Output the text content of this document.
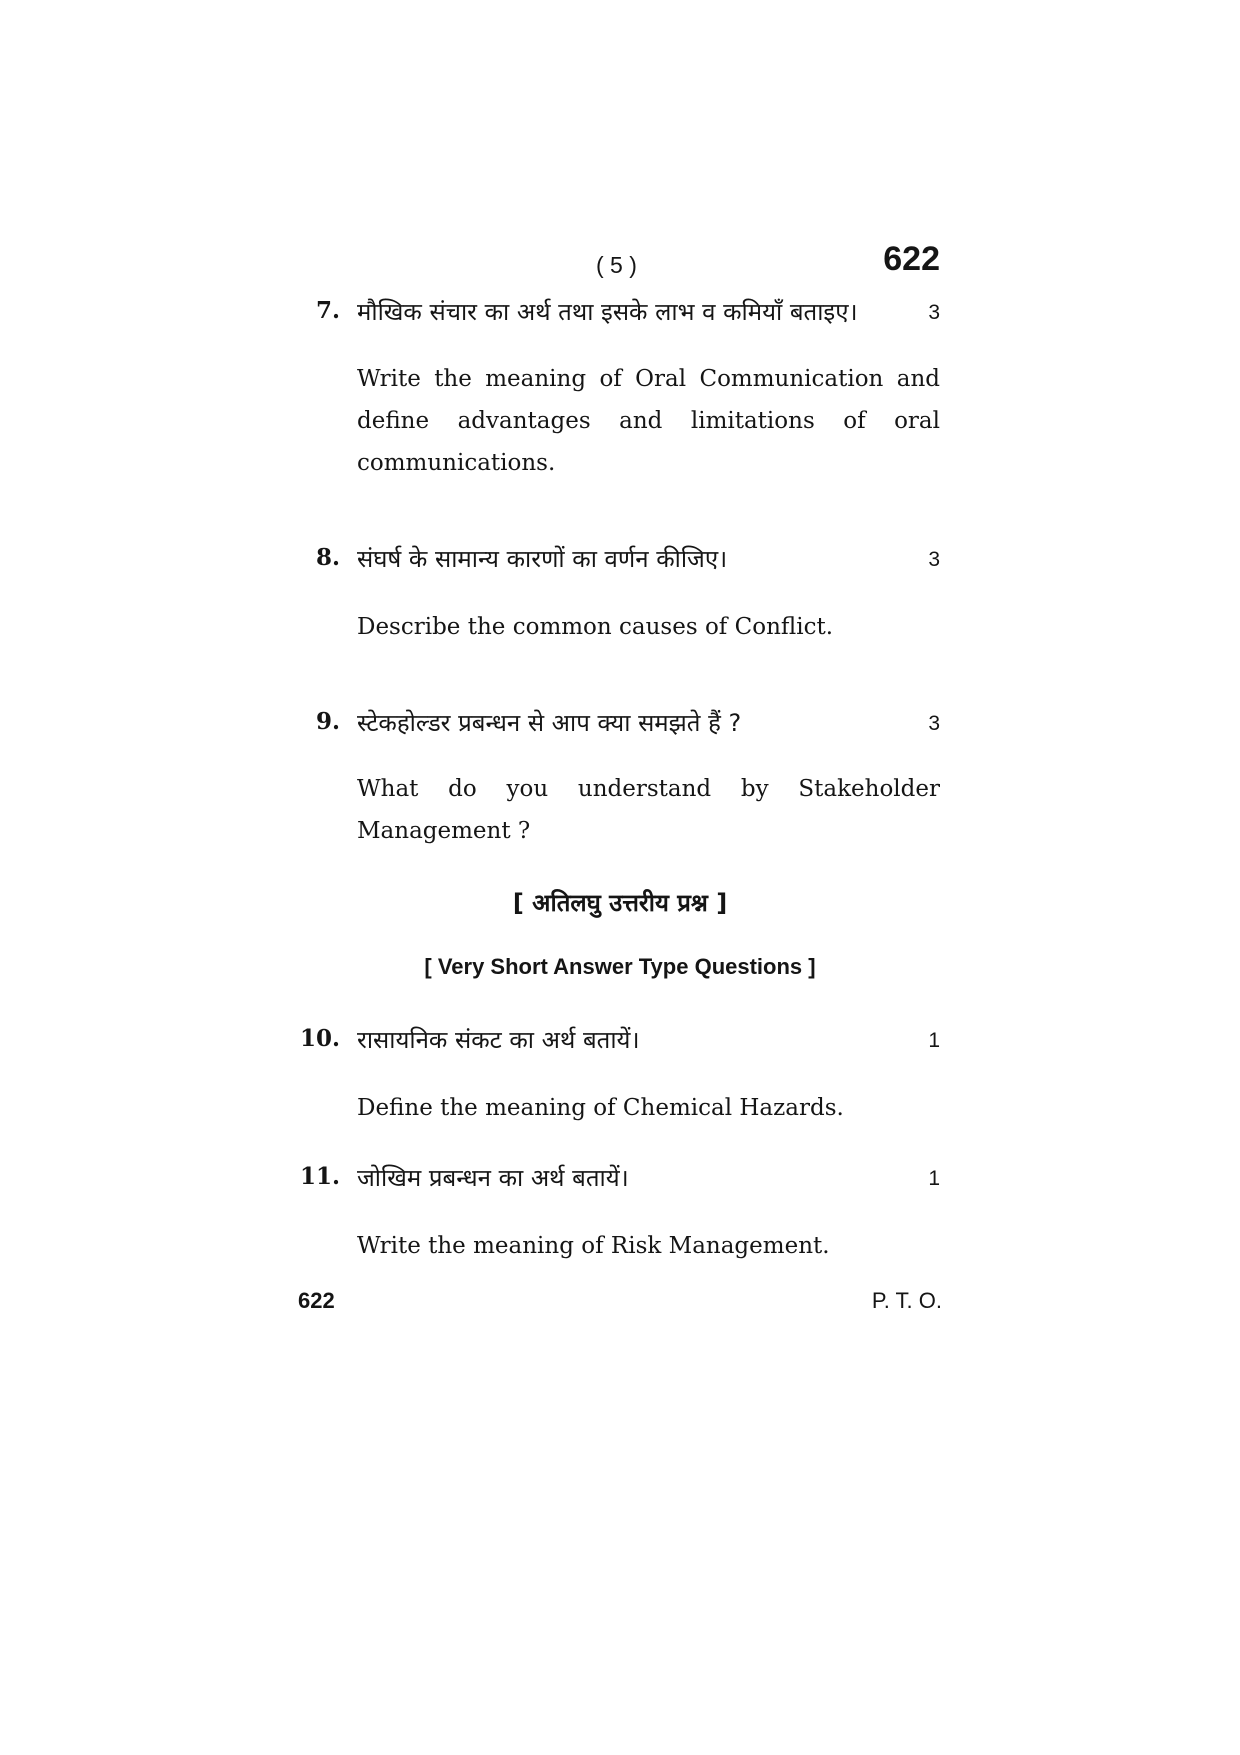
( 5 )	622
7. मौखिक संचार का अर्थ तथा इसके लाभ व कमियाँ बताइए।	3
Write the meaning of Oral Communication and define advantages and limitations of oral communications.
8. संघर्ष के सामान्य कारणों का वर्णन कीजिए।	3
Describe the common causes of Conflict.
9. स्टेकहोल्डर प्रबन्धन से आप क्या समझते हैं ?	3
What do you understand by Stakeholder Management ?
[ अतिलघु उत्तरीय प्रश्न ]
[ Very Short Answer Type Questions ]
10. रासायनिक संकट का अर्थ बतायें।	1
Define the meaning of Chemical Hazards.
11. जोखिम प्रबन्धन का अर्थ बतायें।	1
Write the meaning of Risk Management.
622	P. T. O.
